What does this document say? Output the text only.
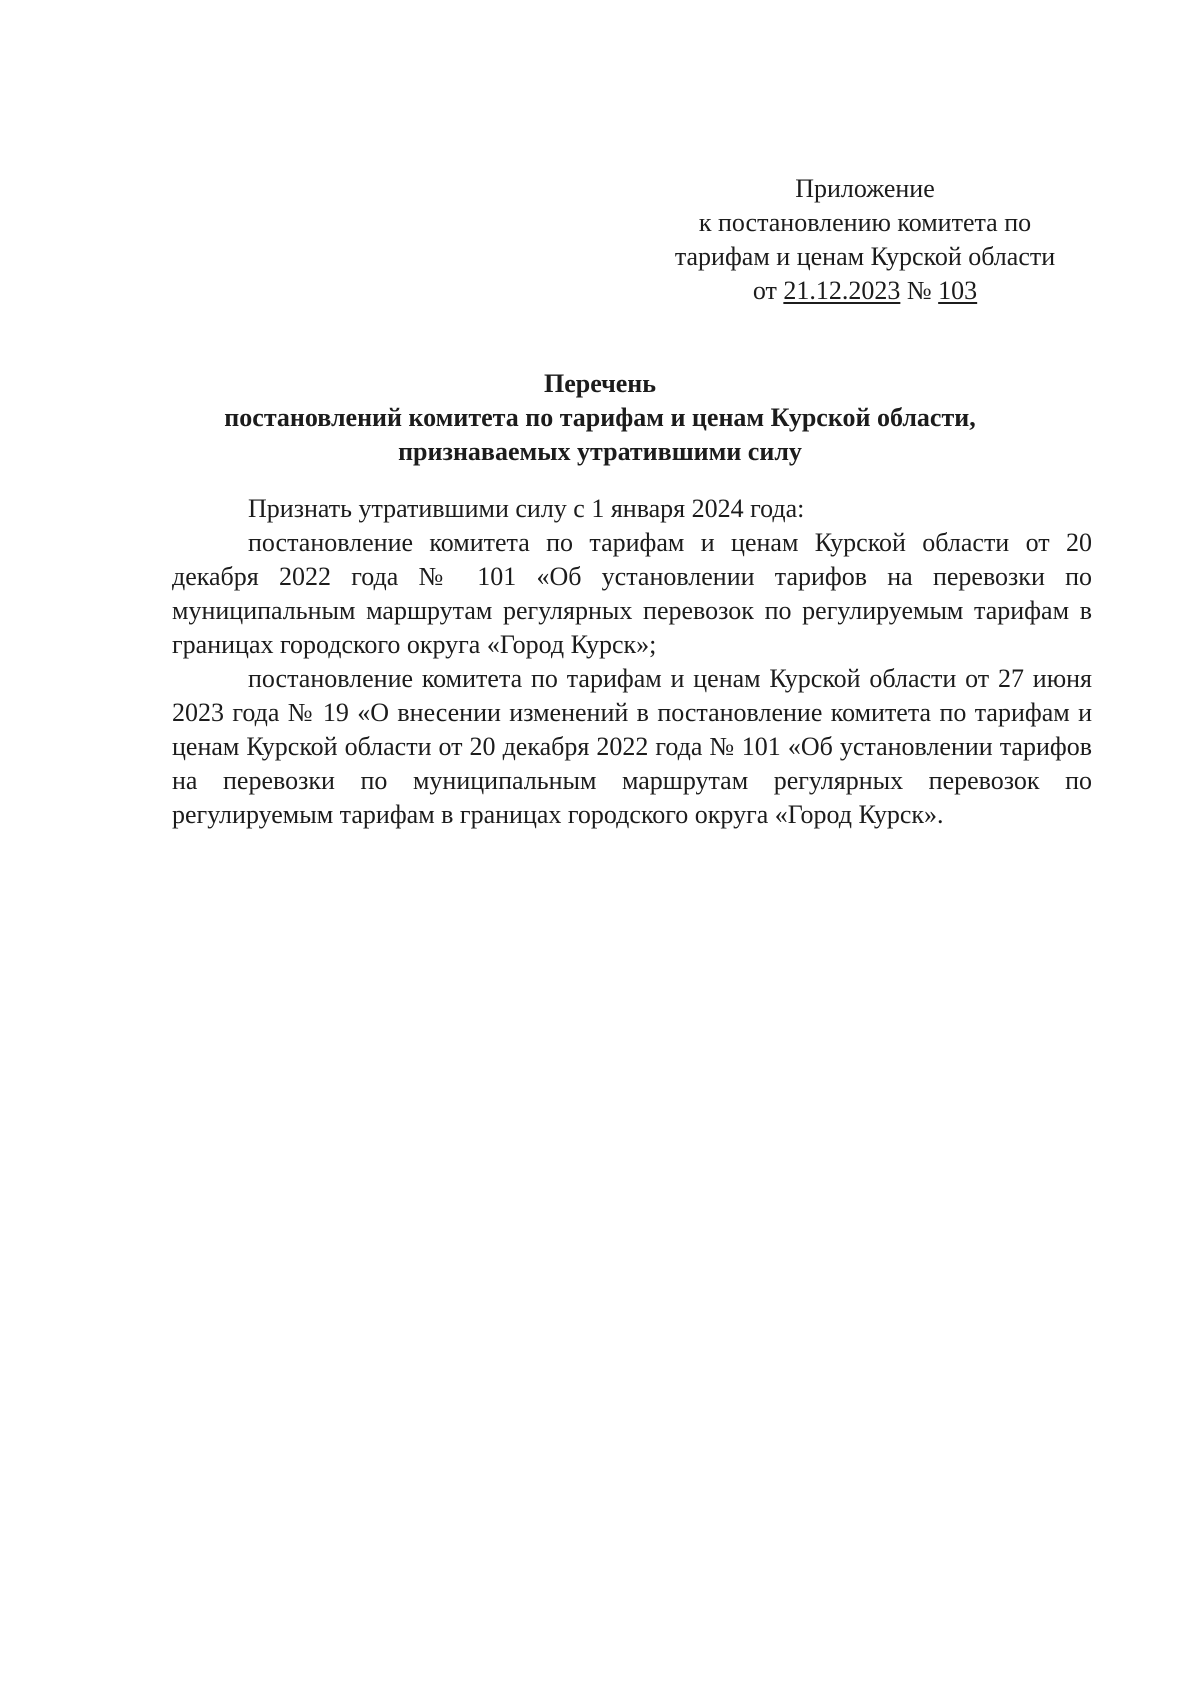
Приложение
к постановлению комитета по
тарифам и ценам Курской области
от 21.12.2023 № 103
Перечень
постановлений комитета по тарифам и ценам Курской области,
признаваемых утратившими силу

Признать утратившими силу с 1 января 2024 года:

постановление комитета по тарифам и ценам Курской области от 20 декабря 2022 года № 101 «Об установлении тарифов на перевозки по муниципальным маршрутам регулярных перевозок по регулируемым тарифам в границах городского округа «Город Курск»;

постановление комитета по тарифам и ценам Курской области от 27 июня 2023 года № 19 «О внесении изменений в постановление комитета по тарифам и ценам Курской области от 20 декабря 2022 года № 101 «Об установлении тарифов на перевозки по муниципальным маршрутам регулярных перевозок по регулируемым тарифам в границах городского округа «Город Курск».
